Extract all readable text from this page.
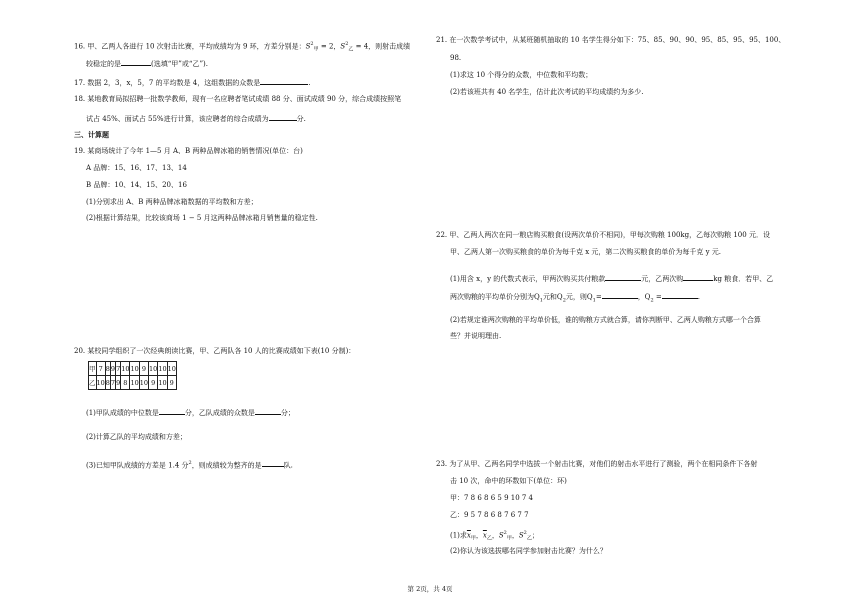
16. 甲、乙两人各进行 10 次射击比赛，平均成绩均为 9 环，方差分别是：$S^2_甲 = 2$，$S^2_乙 = 4$，则射击成绩
较稳定的是	(选填“甲”或“乙”).
17. 数据 2，3，x，5，7 的平均数是 4，这组数据的众数是	.
18. 某地教育局拟招聘一批数学教师，现有一名应聘者笔试成绩 88 分、面试成绩 90 分，综合成绩按照笔
试占 45%、面试占 55%进行计算，该应聘者的综合成绩为	分.
三、计算题
19. 某商场统计了今年 1—5 月 A、B 两种品牌冰箱的销售情况(单位：台)
A 品牌：15、16、17、13、14
B 品牌：10、14、15、20、16
(1)分别求出 A、B 两种品牌冰箱数据的平均数和方差；
(2)根据计算结果，比较该商场 1 − 5 月这两种品牌冰箱月销售量的稳定性.
20. 某校同学组织了一次经典朗读比赛，甲、乙两队各 10 人的比赛成绩如下表(10 分制)：
甲	7	8	9	7	10	10	9	10	10	10
乙	10	8	7	9	8	10	10	9	10	9
(1)甲队成绩的中位数是	分，乙队成绩的众数是	分；
(2)计算乙队的平均成绩和方差；
(3)已知甲队成绩的方差是 1.4 分$^2$，则成绩较为整齐的是	队.
21. 在一次数学考试中，从某班随机抽取的 10 名学生得分如下：75、85、90、90、95、85、95、95、100、
98.
(1)求这 10 个得分的众数，中位数和平均数；
(2)若该班共有 40 名学生，估计此次考试的平均成绩约为多少.
22. 甲、乙两人两次在同一粮店购买粮食(设两次单价不相同)，甲每次购粮 100kg，乙每次购粮 100 元．设
甲、乙两人第一次购买粮食的单价为每千克 x 元，第二次购买粮食的单价为每千克 y 元.
(1)用含 x，y 的代数式表示，甲两次购买共付粮款	元，乙两次购	kg 粮食．若甲、乙
两次购粮的平均单价分别为$Q_1$元和$Q_2$元，则$Q_1=$	，$Q_2$ =	.
(2)若规定谁两次购粮的平均单价低，谁的购粮方式就合算，请你判断甲、乙两人购粮方式哪一个合算
些？并说明理由.
23. 为了从甲、乙两名同学中选拔一个射击比赛，对他们的射击水平进行了测验，两个在相同条件下各射
击 10 次，命中的环数如下(单位：环)
甲：7 8 6 8 6 5 9 10 7 4
乙：9 5 7 8 6 8 7 6 7 7
(1)求$\overline{x}_甲$，$\overline{x}_乙$，$S^2_甲$，$S^2_乙$；
(2)你认为该选拔哪名同学参加射击比赛？为什么？
第 2页，共 4页
